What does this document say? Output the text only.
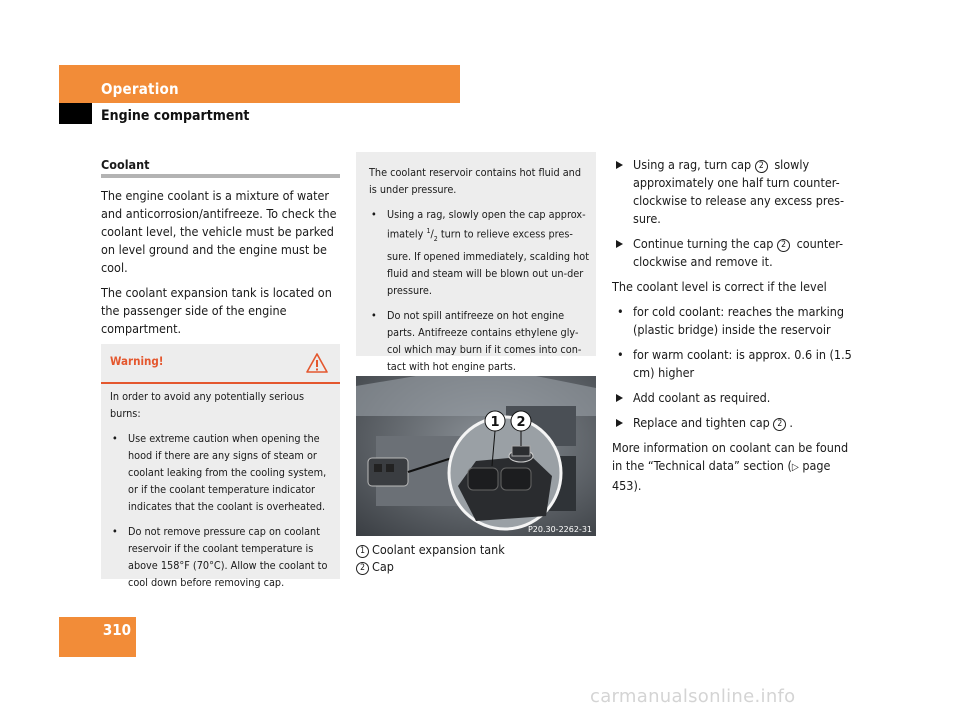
Operation
Engine compartment
Coolant

The engine coolant is a mixture of water and anticorrosion/antifreeze. To check the coolant level, the vehicle must be parked on level ground and the engine must be cool.

The coolant expansion tank is located on the passenger side of the engine compartment.

Warning!

In order to avoid any potentially serious burns:

• Use extreme caution when opening the hood if there are any signs of steam or coolant leaking from the cooling system, or if the coolant temperature indicator indicates that the coolant is overheated.

• Do not remove pressure cap on coolant reservoir if the coolant temperature is above 158°F (70°C). Allow the coolant to cool down before removing cap.

The coolant reservoir contains hot fluid and is under pressure.

• Using a rag, slowly open the cap approx-imately $^1/_2$ turn to relieve excess pres-sure. If opened immediately, scalding hot fluid and steam will be blown out un-der pressure.

• Do not spill antifreeze on hot engine parts. Antifreeze contains ethylene gly-col which may burn if it comes into con-tact with hot engine parts.

1 2
P20.30-2262-31
1 Coolant expansion tank
2 Cap

Using a rag, turn cap 2 slowly approximately one half turn counter-clockwise to release any excess pres-sure.

Continue turning the cap 2 counter-clockwise and remove it.

The coolant level is correct if the level

• for cold coolant: reaches the marking (plastic bridge) inside the reservoir

• for warm coolant: is approx. 0.6 in (1.5 cm) higher

Add coolant as required.

Replace and tighten cap 2 .

More information on coolant can be found in the “Technical data” section (▷ page 453).

310
carmanualsonline.info
